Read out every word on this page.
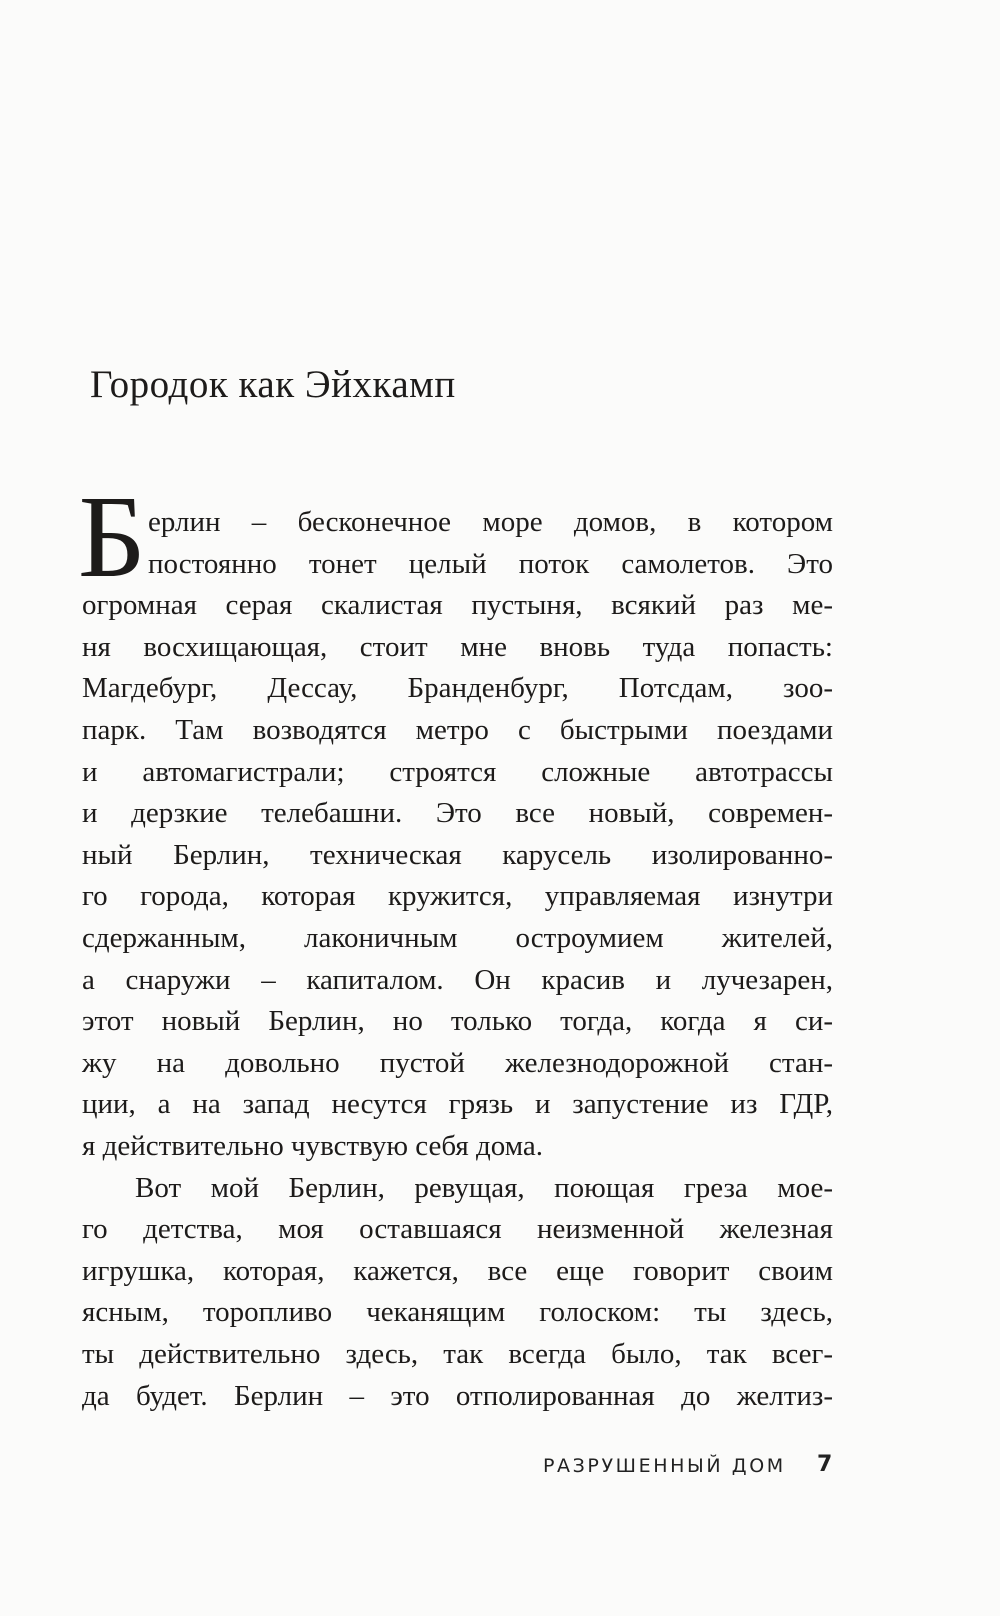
Городок как Эйхкамп
Б ерлин – бесконечное море домов, в котором
постоянно тонет целый поток самолетов. Это
огромная серая скалистая пустыня, всякий раз ме-
ня восхищающая, стоит мне вновь туда попасть:
Магдебург, Дессау, Бранденбург, Потсдам, зоо-
парк. Там возводятся метро с быстрыми поездами
и автомагистрали; строятся сложные автотрассы
и дерзкие телебашни. Это все новый, современ-
ный Берлин, техническая карусель изолированно-
го города, которая кружится, управляемая изнутри
сдержанным, лаконичным остроумием жителей,
а снаружи – капиталом. Он красив и лучезарен,
этот новый Берлин, но только тогда, когда я си-
жу на довольно пустой железнодорожной стан-
ции, а на запад несутся грязь и запустение из ГДР,
я действительно чувствую себя дома.
Вот мой Берлин, ревущая, поющая греза мое-
го детства, моя оставшаяся неизменной железная
игрушка, которая, кажется, все еще говорит своим
ясным, торопливо чеканящим голоском: ты здесь,
ты действительно здесь, так всегда было, так всег-
да будет. Берлин – это отполированная до желтиз-
РАЗРУШЕННЫЙ ДОМ 7
